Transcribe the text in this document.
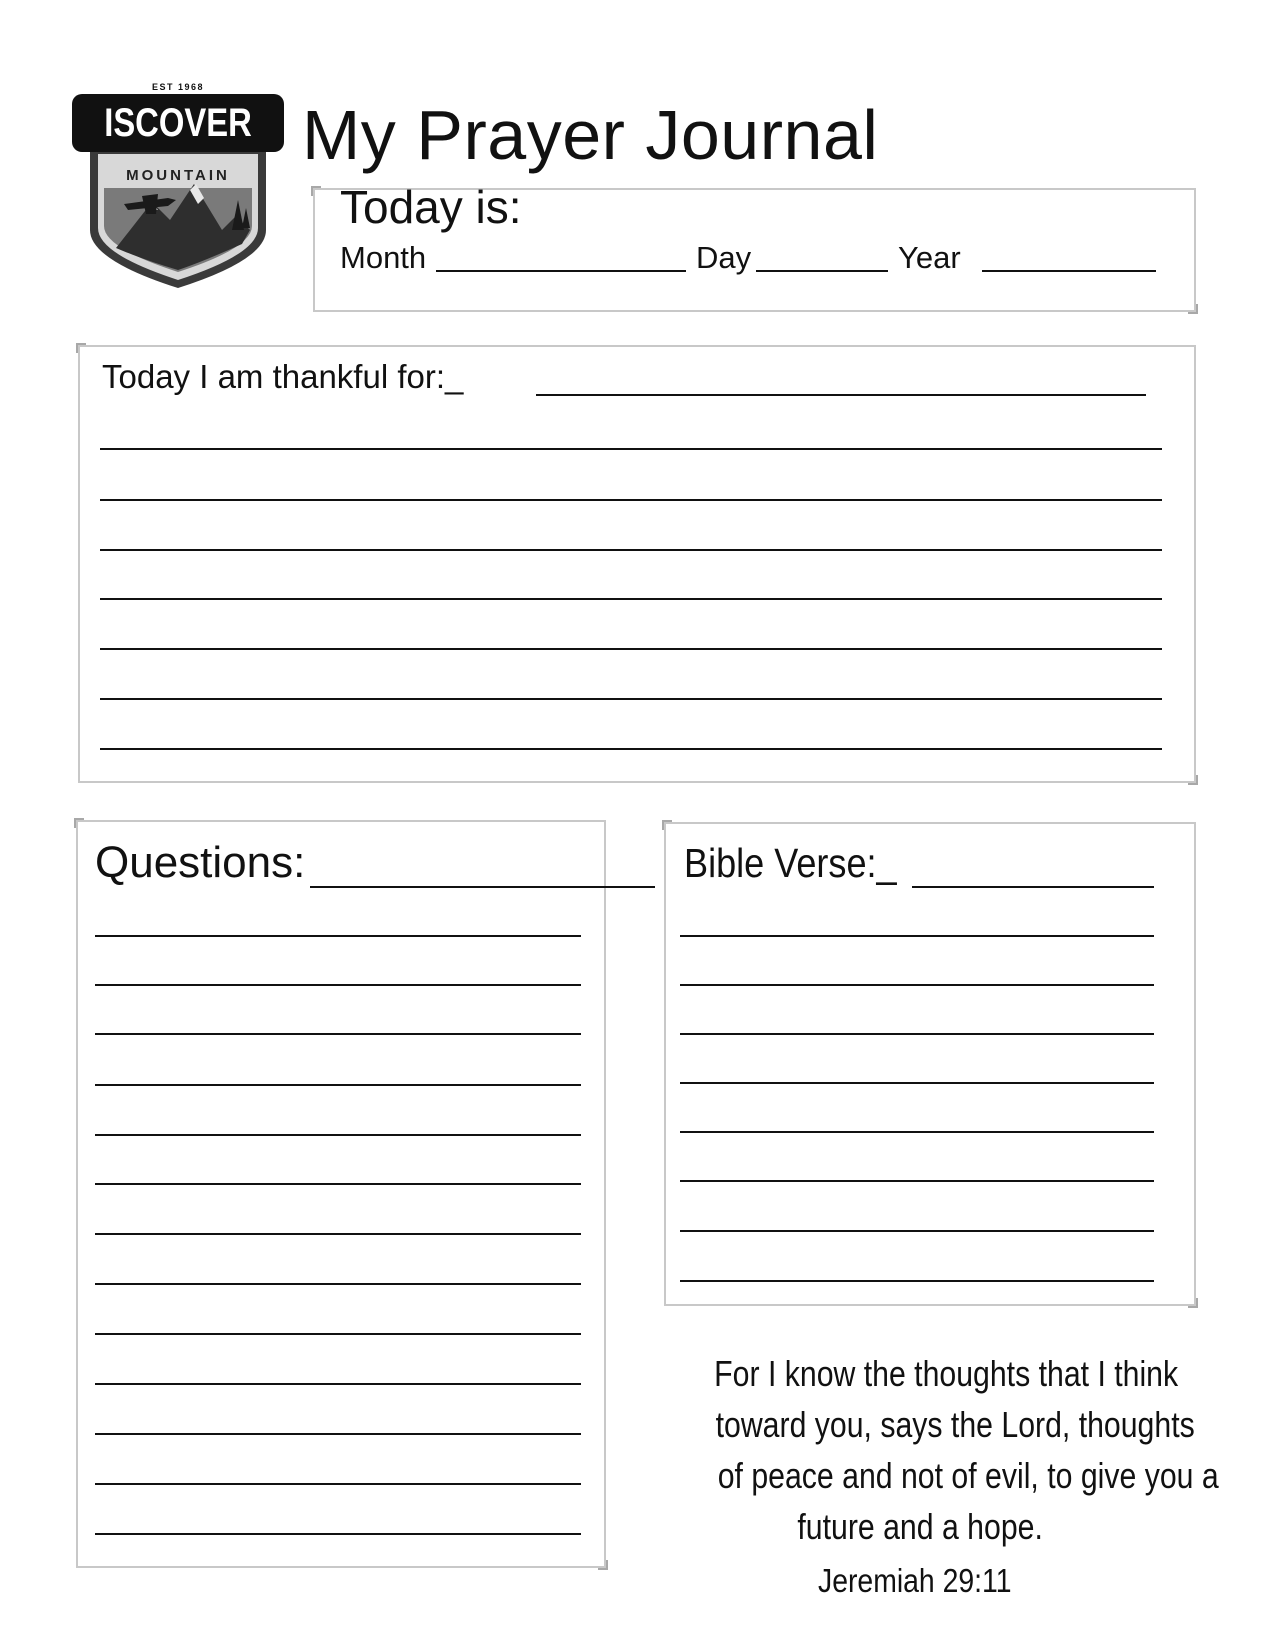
EST 1968
ISCOVER
MOUNTAIN
My Prayer Journal
Today is:
Month	Day	Year
Today I am thankful for:_
Questions:	Bible Verse:_
For I know the thoughts that I think
toward you, says the Lord, thoughts
of peace and not of evil, to give you a
future and a hope.
Jeremiah 29:11
